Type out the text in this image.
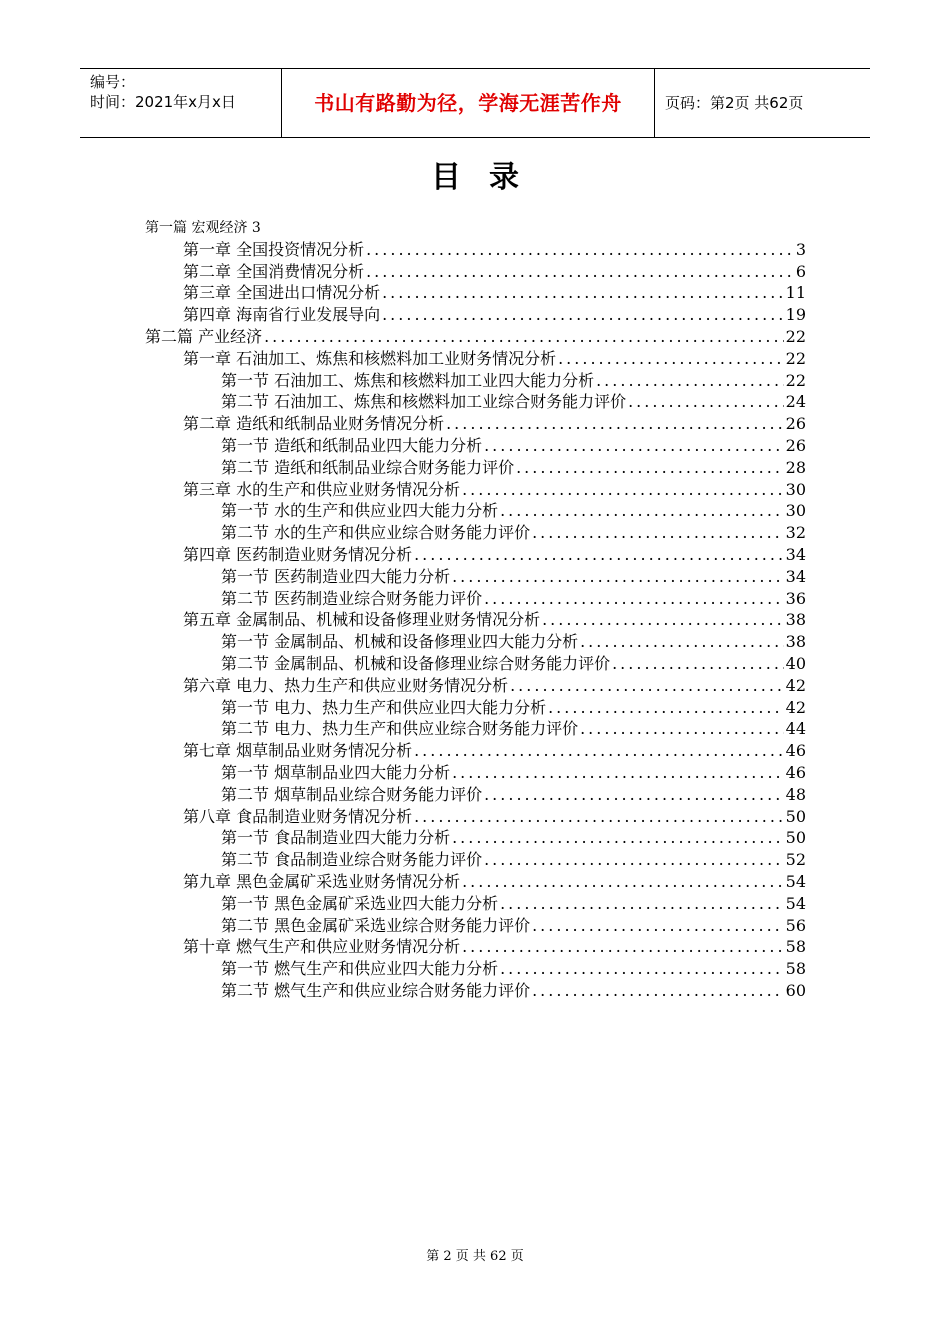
编号：
时间：2021年x月x日	书山有路勤为径，学海无涯苦作舟	页码：第2页 共62页
目录
第一篇 宏观经济 3
第一章 全国投资情况分析 .....	3
第二章 全国消费情况分析 .....	6
第三章 全国进出口情况分析 .....	11
第四章 海南省行业发展导向 .....	19
第二篇 产业经济 .....	22
第一章 石油加工、炼焦和核燃料加工业财务情况分析 .....	22
第一节 石油加工、炼焦和核燃料加工业四大能力分析 .....	22
第二节 石油加工、炼焦和核燃料加工业综合财务能力评价 .....	24
第二章 造纸和纸制品业财务情况分析 .....	26
第一节 造纸和纸制品业四大能力分析 .....	26
第二节 造纸和纸制品业综合财务能力评价 .....	28
第三章 水的生产和供应业财务情况分析 .....	30
第一节 水的生产和供应业四大能力分析 .....	30
第二节 水的生产和供应业综合财务能力评价 .....	32
第四章 医药制造业财务情况分析 .....	34
第一节 医药制造业四大能力分析 .....	34
第二节 医药制造业综合财务能力评价 .....	36
第五章 金属制品、机械和设备修理业财务情况分析 .....	38
第一节 金属制品、机械和设备修理业四大能力分析 .....	38
第二节 金属制品、机械和设备修理业综合财务能力评价 .....	40
第六章 电力、热力生产和供应业财务情况分析 .....	42
第一节 电力、热力生产和供应业四大能力分析 .....	42
第二节 电力、热力生产和供应业综合财务能力评价 .....	44
第七章 烟草制品业财务情况分析 .....	46
第一节 烟草制品业四大能力分析 .....	46
第二节 烟草制品业综合财务能力评价 .....	48
第八章 食品制造业财务情况分析 .....	50
第一节 食品制造业四大能力分析 .....	50
第二节 食品制造业综合财务能力评价 .....	52
第九章 黑色金属矿采选业财务情况分析 .....	54
第一节 黑色金属矿采选业四大能力分析 .....	54
第二节 黑色金属矿采选业综合财务能力评价 .....	56
第十章 燃气生产和供应业财务情况分析 .....	58
第一节 燃气生产和供应业四大能力分析 .....	58
第二节 燃气生产和供应业综合财务能力评价 .....	60
第 2 页 共 62 页
